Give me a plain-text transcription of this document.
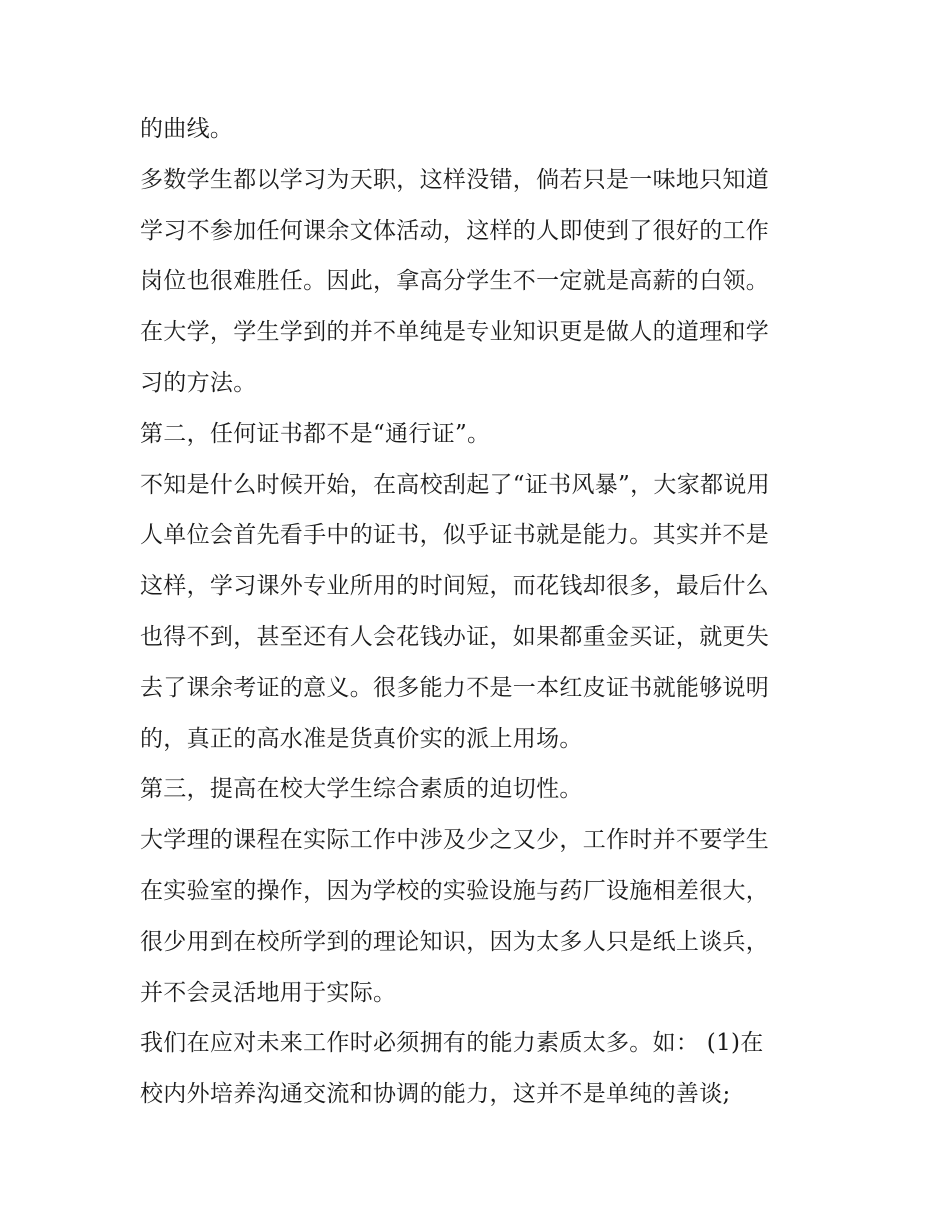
的曲线。
多数学生都以学习为天职，这样没错，倘若只是一味地只知道
学习不参加任何课余文体活动，这样的人即使到了很好的工作
岗位也很难胜任。因此，拿高分学生不一定就是高薪的白领。
在大学，学生学到的并不单纯是专业知识更是做人的道理和学
习的方法。
第二，任何证书都不是“通行证”。
不知是什么时候开始，在高校刮起了“证书风暴”，大家都说用
人单位会首先看手中的证书，似乎证书就是能力。其实并不是
这样，学习课外专业所用的时间短，而花钱却很多，最后什么
也得不到，甚至还有人会花钱办证，如果都重金买证，就更失
去了课余考证的意义。很多能力不是一本红皮证书就能够说明
的，真正的高水准是货真价实的派上用场。
第三，提高在校大学生综合素质的迫切性。
大学理的课程在实际工作中涉及少之又少，工作时并不要学生
在实验室的操作，因为学校的实验设施与药厂设施相差很大，
很少用到在校所学到的理论知识，因为太多人只是纸上谈兵，
并不会灵活地用于实际。
我们在应对未来工作时必须拥有的能力素质太多。如： (1)在
校内外培养沟通交流和协调的能力，这并不是单纯的善谈;
